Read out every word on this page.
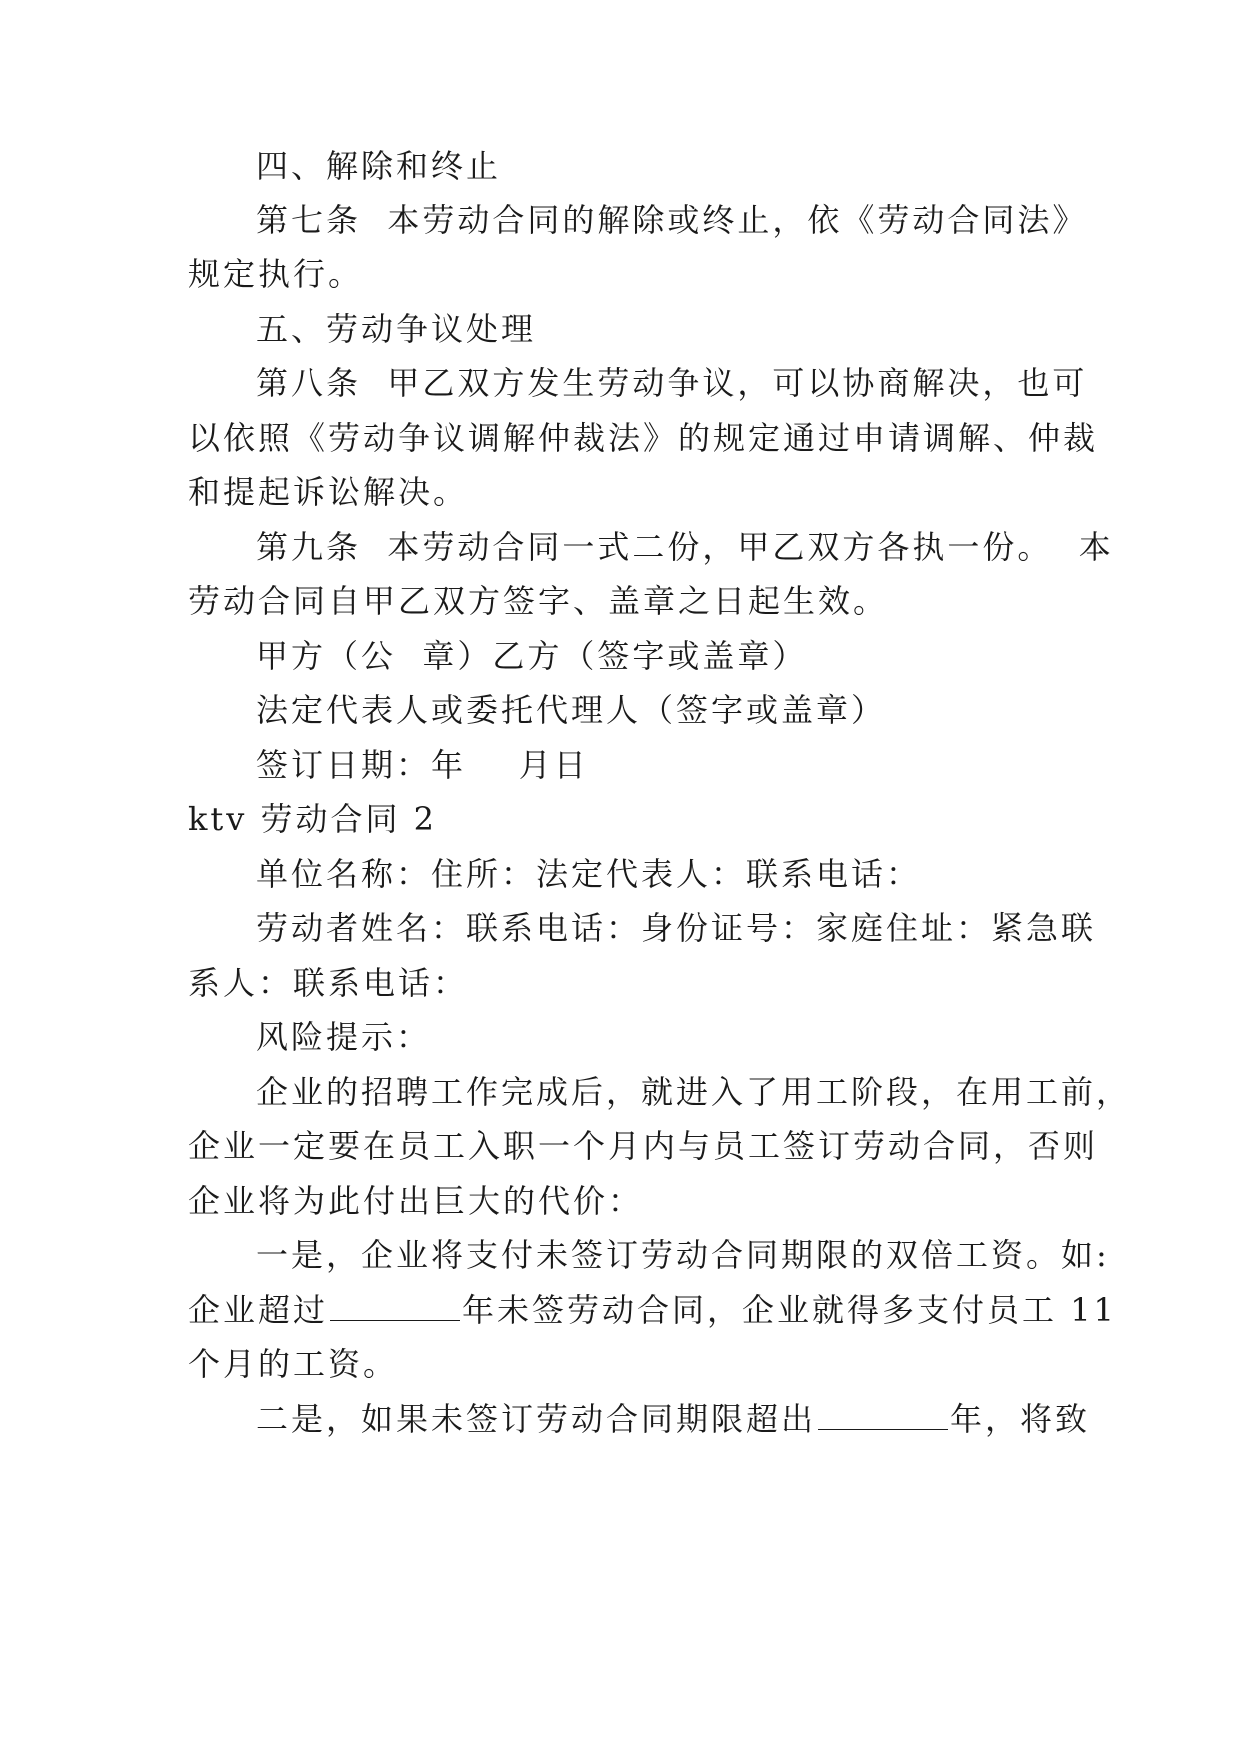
四、解除和终止
第七条  本劳动合同的解除或终止，依《劳动合同法》
规定执行。
五、劳动争议处理
第八条  甲乙双方发生劳动争议，可以协商解决，也可
以依照《劳动争议调解仲裁法》的规定通过申请调解、仲裁
和提起诉讼解决。
第九条  本劳动合同一式二份，甲乙双方各执一份。  本
劳动合同自甲乙双方签字、盖章之日起生效。
甲方（公  章）乙方（签字或盖章）
法定代表人或委托代理人（签字或盖章）
签订日期：年    月日
ktv 劳动合同 2
单位名称：住所：法定代表人：联系电话：
劳动者姓名：联系电话：身份证号：家庭住址：紧急联
系人：联系电话：
风险提示：
企业的招聘工作完成后，就进入了用工阶段，在用工前，
企业一定要在员工入职一个月内与员工签订劳动合同，否则
企业将为此付出巨大的代价：
一是，企业将支付未签订劳动合同期限的双倍工资。如:
企业超过	年未签劳动合同，企业就得多支付员工 11
个月的工资。
二是，如果未签订劳动合同期限超出	年，将致
